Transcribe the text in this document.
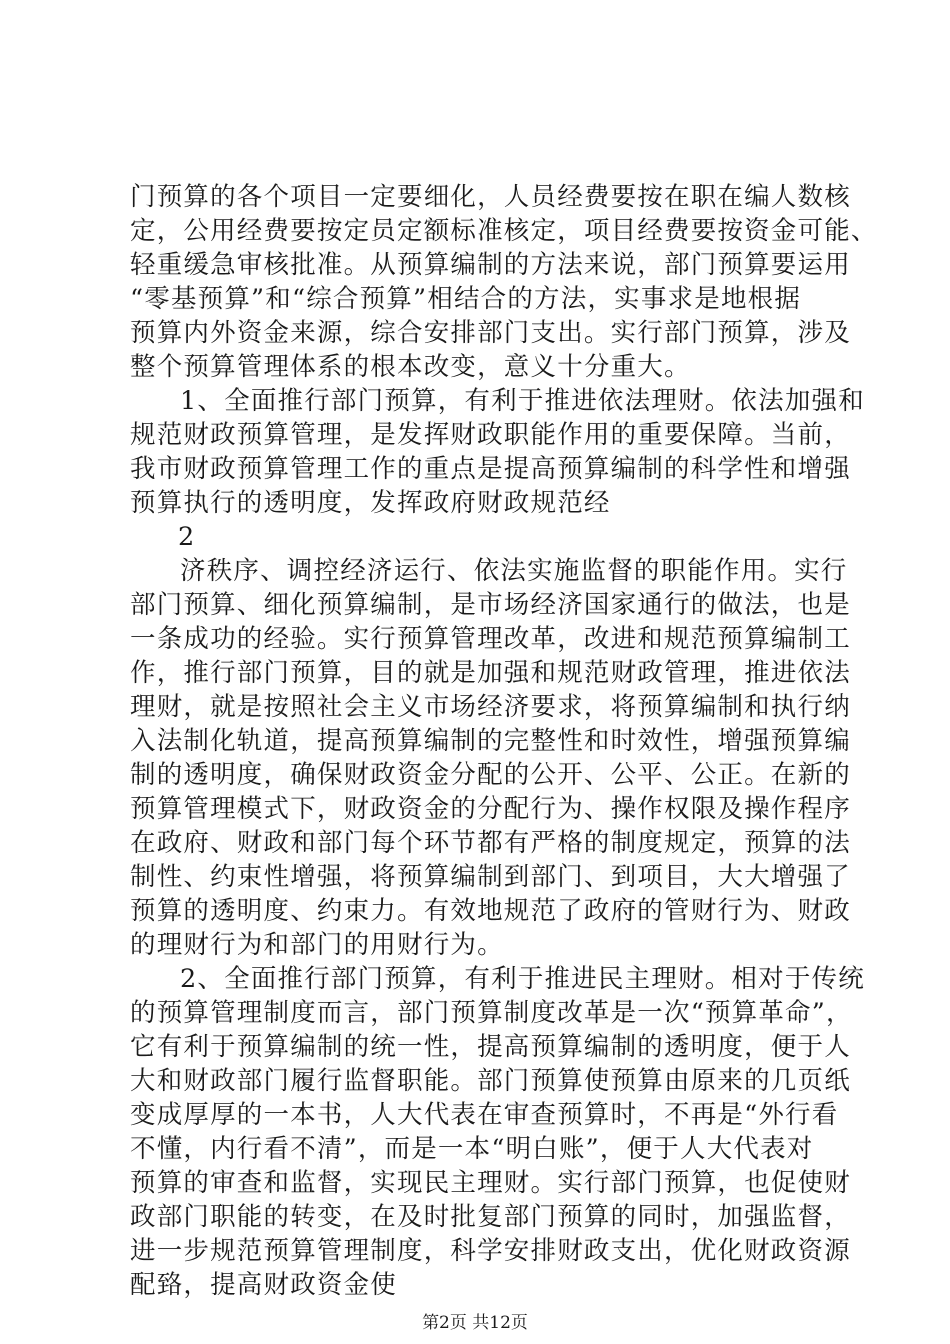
门预算的各个项目一定要细化，人员经费要按在职在编人数核
定，公用经费要按定员定额标准核定，项目经费要按资金可能、
轻重缓急审核批准。从预算编制的方法来说，部门预算要运用
“零基预算”和“综合预算”相结合的方法，实事求是地根据
预算内外资金来源，综合安排部门支出。实行部门预算，涉及
整个预算管理体系的根本改变，意义十分重大。
1、全面推行部门预算，有利于推进依法理财。依法加强和
规范财政预算管理，是发挥财政职能作用的重要保障。当前，
我市财政预算管理工作的重点是提高预算编制的科学性和增强
预算执行的透明度，发挥政府财政规范经
2
济秩序、调控经济运行、依法实施监督的职能作用。实行
部门预算、细化预算编制，是市场经济国家通行的做法，也是
一条成功的经验。实行预算管理改革，改进和规范预算编制工
作，推行部门预算，目的就是加强和规范财政管理，推进依法
理财，就是按照社会主义市场经济要求，将预算编制和执行纳
入法制化轨道，提高预算编制的完整性和时效性，增强预算编
制的透明度，确保财政资金分配的公开、公平、公正。在新的
预算管理模式下，财政资金的分配行为、操作权限及操作程序
在政府、财政和部门每个环节都有严格的制度规定，预算的法
制性、约束性增强，将预算编制到部门、到项目，大大增强了
预算的透明度、约束力。有效地规范了政府的管财行为、财政
的理财行为和部门的用财行为。
2、全面推行部门预算，有利于推进民主理财。相对于传统
的预算管理制度而言，部门预算制度改革是一次“预算革命”，
它有利于预算编制的统一性，提高预算编制的透明度，便于人
大和财政部门履行监督职能。部门预算使预算由原来的几页纸
变成厚厚的一本书，人大代表在审查预算时，不再是“外行看
不懂，内行看不清”，而是一本“明白账”，便于人大代表对
预算的审查和监督，实现民主理财。实行部门预算，也促使财
政部门职能的转变，在及时批复部门预算的同时，加强监督，
进一步规范预算管理制度，科学安排财政支出，优化财政资源
配臵，提高财政资金使
第2页 共12页
